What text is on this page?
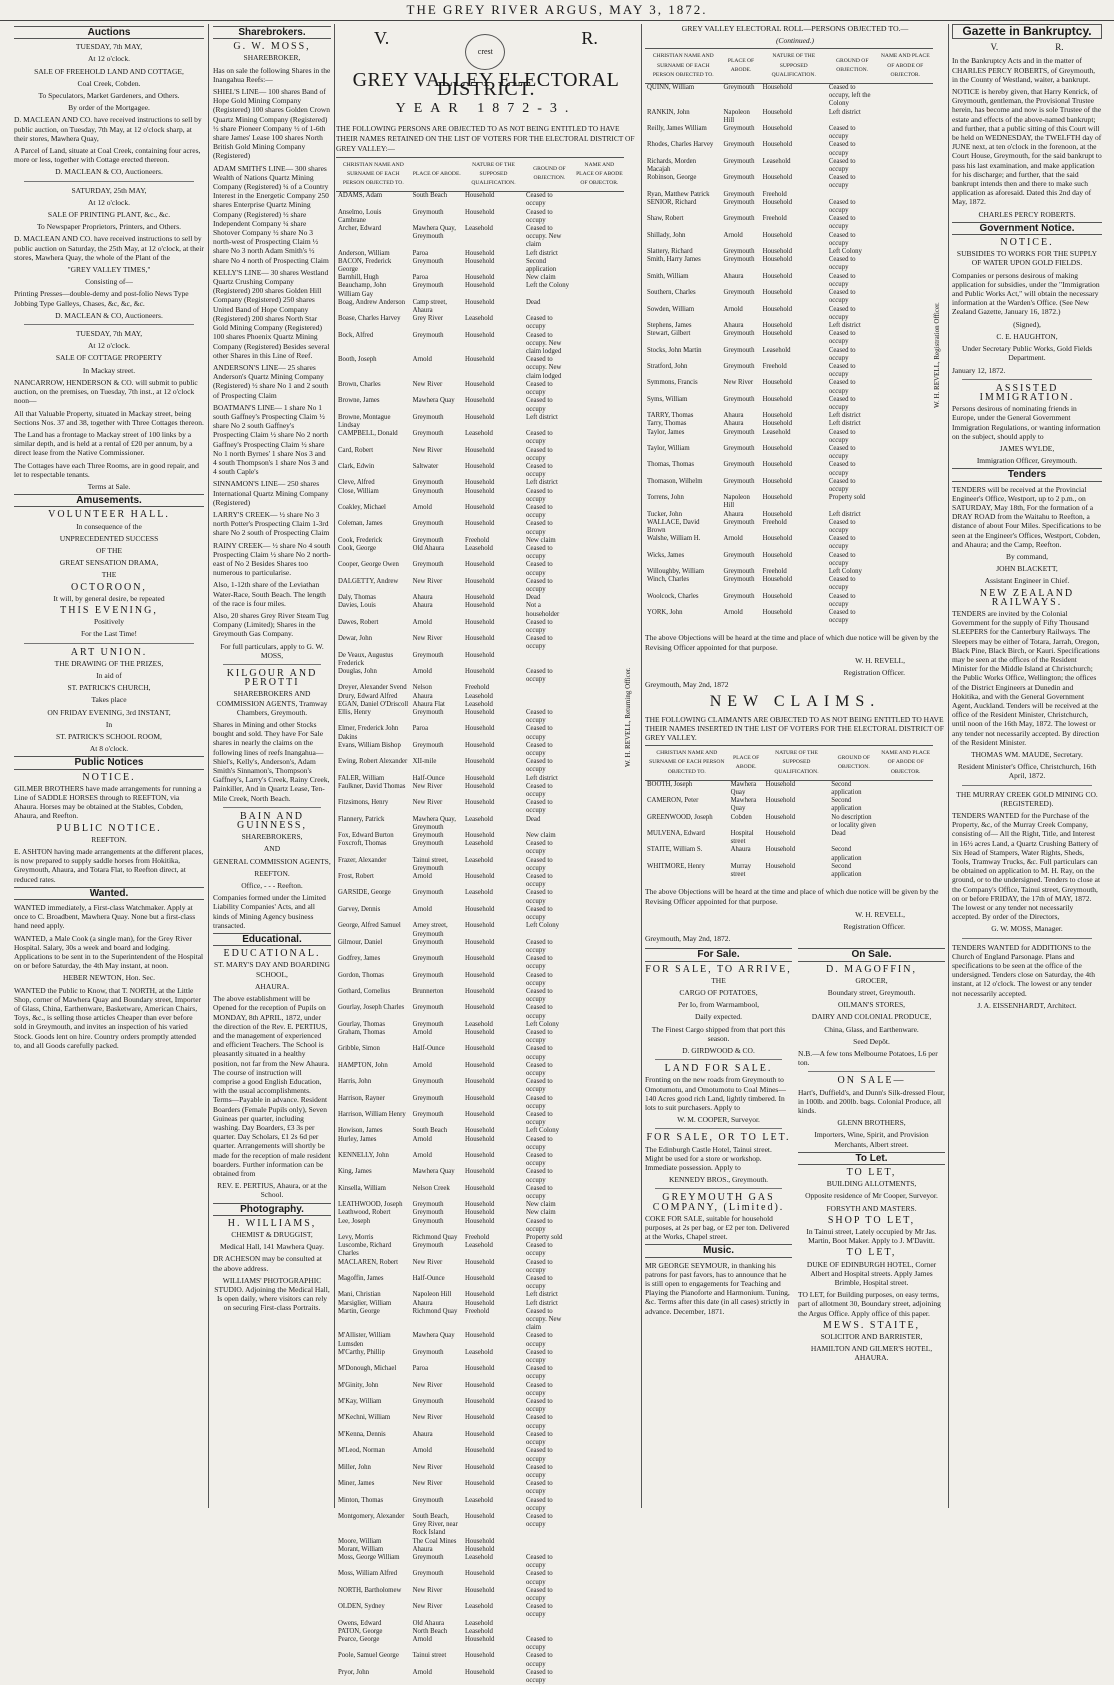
THE GREY RIVER ARGUS, MAY 3, 1872.
Auctions

TUESDAY, 7th MAY,

At 12 o'clock.

SALE OF FREEHOLD LAND AND COTTAGE,

Coal Creek, Cobden.

To Speculators, Market Gardeners, and Others.

By order of the Mortgagee.

D. MACLEAN AND CO. have received instructions to sell by public auction, on Tuesday, 7th May, at 12 o'clock sharp, at their stores, Mawhera Quay,

A Parcel of Land, situate at Coal Creek, containing four acres, more or less, together with Cottage erected thereon.

D. MACLEAN & CO, Auctioneers.

SATURDAY, 25th MAY,

At 12 o'clock.

SALE OF PRINTING PLANT, &c., &c.

To Newspaper Proprietors, Printers, and Others.

D. MACLEAN AND CO. have received instructions to sell by public auction on Saturday, the 25th May, at 12 o'clock, at their stores, Mawhera Quay, the whole of the Plant of the

"GREY VALLEY TIMES,"

Consisting of—

Printing Presses—double-demy and post-folio News Type Jobbing Type Galleys, Chases, &c, &c, &c.

D. MACLEAN & CO, Auctioneers.

TUESDAY, 7th MAY,

At 12 o'clock.

SALE OF COTTAGE PROPERTY

In Mackay street.

NANCARROW, HENDERSON & CO. will submit to public auction, on the premises, on Tuesday, 7th inst., at 12 o'clock noon—

All that Valuable Property, situated in Mackay street, being Sections Nos. 37 and 38, together with Three Cottages thereon.

The Land has a frontage to Mackay street of 100 links by a similar depth, and is held at a rental of £20 per annum, by a direct lease from the Native Commissioner.

The Cottages have each Three Rooms, are in good repair, and let to respectable tenants.

Terms at Sale.

Amusements.
VOLUNTEER HALL.

In consequence of the

UNPRECEDENTED SUCCESS

OF THE

GREAT SENSATION DRAMA,

THE

OCTOROON,

It will, by general desire, be repeated

THIS EVENING,

Positively

For the Last Time!

ART UNION.

THE DRAWING OF THE PRIZES,

In aid of

ST. PATRICK'S CHURCH,

Takes place

ON FRIDAY EVENING, 3rd INSTANT,

In

ST. PATRICK'S SCHOOL ROOM,

At 8 o'clock.

Public Notices
NOTICE.

GILMER BROTHERS have made arrangements for running a Line of SADDLE HORSES through to REEFTON, via Ahaura. Horses may be obtained at the Stables, Cobden, Ahaura, and Reefton.

PUBLIC NOTICE.

REEFTON.

E. ASHTON having made arrangements at the different places, is now prepared to supply saddle horses from Hokitika, Greymouth, Ahaura, and Totara Flat, to Reefton direct, at reduced rates.

Wanted.

WANTED immediately, a First-class Watchmaker. Apply at once to C. Broadbent, Mawhera Quay. None but a first-class hand need apply.

WANTED, a Male Cook (a single man), for the Grey River Hospital. Salary, 30s a week and board and lodging. Applications to be sent in to the Superintendent of the Hospital on or before Saturday, the 4th May instant, at noon.

HEBER NEWTON, Hon. Sec.

WANTED the Public to Know, that T. NORTH, at the Little Shop, corner of Mawhera Quay and Boundary street, Importer of Glass, China, Earthenware, Basketware, American Chairs, Toys, &c., is selling those articles Cheaper than ever before sold in Greymouth, and invites an inspection of his varied Stock. Goods lent on hire. Country orders promptly attended to, and all Goods carefully packed.

Sharebrokers.
G. W. MOSS,

SHAREBROKER,

Has on sale the following Shares in the Inangahua Reefs:—

SHIEL'S LINE— 100 shares Band of Hope Gold Mining Company (Registered) 100 shares Golden Crown Quartz Mining Company (Registered) ½ share Pioneer Company ½ of 1-6th share James' Lease 100 shares North British Gold Mining Company (Registered)

ADAM SMITH'S LINE— 300 shares Wealth of Nations Quartz Mining Company (Registered) ¼ of a Country Interest in the Energetic Company 250 shares Enterprise Quartz Mining Company (Registered) ½ share Independent Company ¼ share Shotover Company ½ share No 3 north-west of Prospecting Claim ½ share No 3 north Adam Smith's ½ share No 4 north of Prospecting Claim

KELLY'S LINE— 30 shares Westland Quartz Crushing Company (Registered) 200 shares Golden Hill Company (Registered) 250 shares United Band of Hope Company (Registered) 200 shares North Star Gold Mining Company (Registered) 100 shares Phoenix Quartz Mining Company (Registered) Besides several other Shares in this Line of Reef.

ANDERSON'S LINE— 25 shares Anderson's Quartz Mining Company (Registered) ½ share No 1 and 2 south of Prospecting Claim

BOATMAN'S LINE— 1 share No 1 south Gaffney's Prospecting Claim ½ share No 2 south Gaffney's Prospecting Claim ½ share No 2 north Gaffney's Prospecting Claim ½ share No 1 north Byrnes' 1 share Nos 3 and 4 south Thompson's 1 share Nos 3 and 4 south Caple's

SINNAMON'S LINE— 250 shares International Quartz Mining Company (Registered)

LARRY'S CREEK— ½ share No 3 north Potter's Prospecting Claim 1-3rd share No 2 south of Prospecting Claim

RAINY CREEK— ½ share No 4 south Prospecting Claim ½ share No 2 north-east of No 2 Besides Shares too numerous to particularise.

Also, 1-12th share of the Leviathan Water-Race, South Beach. The length of the race is four miles.

Also, 20 shares Grey River Steam Tug Company (Limited); Shares in the Greymouth Gas Company.

For full particulars, apply to G. W. MOSS,

KILGOUR AND PEROTTI

SHAREBROKERS AND COMMISSION AGENTS, Tramway Chambers, Greymouth.

Shares in Mining and other Stocks bought and sold. They have For Sale shares in nearly the claims on the following lines of reefs Inangahua— Shiel's, Kelly's, Anderson's, Adam Smith's Sinnamon's, Thompson's Gaffney's, Larry's Creek, Rainy Creek, Painkiller, And in Quartz Lease, Ten-Mile Creek, North Beach.

BAIN AND GUINNESS,

SHAREBROKERS,

AND

GENERAL COMMISSION AGENTS,

REEFTON.

Office, - - - Reefton.

Companies formed under the Limited Liability Companies' Acts, and all kinds of Mining Agency business transacted.

Educational.
EDUCATIONAL.

ST. MARY'S DAY AND BOARDING SCHOOL,

AHAURA.

The above establishment will be Opened for the reception of Pupils on MONDAY, 8th APRIL, 1872, under the direction of the Rev. E. PERTIUS, and the management of experienced and efficient Teachers. The School is pleasantly situated in a healthy position, not far from the New Ahaura. The course of instruction will comprise a good English Education, with the usual accomplishments. Terms—Payable in advance. Resident Boarders (Female Pupils only), Seven Guineas per quarter, including washing. Day Boarders, £3 3s per quarter. Day Scholars, £1 2s 6d per quarter. Arrangements will shortly be made for the reception of male resident boarders. Further information can be obtained from

REV. E. PERTIUS, Ahaura, or at the School.

Photography.
H. WILLIAMS,

CHEMIST & DRUGGIST,

Medical Hall, 141 Mawhera Quay.

DR ACHESON may be consulted at the above address.

WILLIAMS' PHOTOGRAPHIC STUDIO. Adjoining the Medical Hall, Is open daily, where visitors can rely on securing First-class Portraits.

V.
crest
R.
GREY VALLEY ELECTORAL DISTRICT.
YEAR 1872-3.

THE FOLLOWING PERSONS ARE OBJECTED TO AS NOT BEING ENTITLED TO HAVE THEIR NAMES RETAINED ON THE LIST OF VOTERS FOR THE ELECTORAL DISTRICT OF GREY VALLEY:—

W. H. REVELL, Returning Officer.
CHRISTIAN NAME AND SURNAME OF EACH PERSON OBJECTED TO.	PLACE OF ABODE.	NATURE OF THE SUPPOSED QUALIFICATION.	GROUND OF OBJECTION.	NAME AND PLACE OF ABODE OF OBJECTOR.
ADAMS, Adam	South Beach	Household	Ceased to occupy	
Anselmo, Louis Cambrane	Greymouth	Household	Ceased to occupy	
Archer, Edward	Mawhera Quay, Greymouth	Leasehold	Ceased to occupy. New claim	
Anderson, William	Paroa	Household	Left district	
BACON, Frederick George	Greymouth	Household	Second application	
Barnhill, Hugh	Paroa	Household	New claim	
Beauchamp, John William Gay	Greymouth	Household	Left the Colony	
Boag, Andrew Anderson	Camp street, Ahaura	Household	Dead	
Boase, Charles Harvey	Grey River	Leasehold	Ceased to occupy	
Bock, Alfred	Greymouth	Household	Ceased to occupy. New claim lodged	
Booth, Joseph	Arnold	Household	Ceased to occupy. New claim lodged	
Brown, Charles	New River	Household	Ceased to occupy	
Browne, James	Mawhera Quay	Household	Ceased to occupy	
Browne, Montague Lindsay	Greymouth	Household	Left district	
CAMPBELL, Donald	Greymouth	Leasehold	Ceased to occupy	
Card, Robert	New River	Household	Ceased to occupy	
Clark, Edwin	Saltwater	Household	Ceased to occupy	
Cleve, Alfred	Greymouth	Household	Left district	
Close, William	Greymouth	Household	Ceased to occupy	
Coakley, Michael	Arnold	Household	Ceased to occupy	
Coleman, James	Greymouth	Household	Ceased to occupy	
Cook, Frederick	Greymouth	Freehold	New claim	
Cook, George	Old Ahaura	Leasehold	Ceased to occupy	
Cooper, George Owen	Greymouth	Household	Ceased to occupy	
DALGETTY, Andrew	New River	Household	Ceased to occupy	
Daly, Thomas	Ahaura	Household	Dead	
Davies, Louis	Ahaura	Household	Not a householder	
Dawes, Robert	Arnold	Household	Ceased to occupy	
Dewar, John	New River	Household	Ceased to occupy	
De Veaux, Augustus Frederick	Greymouth	Household		
Douglas, John	Arnold	Household	Ceased to occupy	
Dreyer, Alexander Svend	Nelson	Freehold		
Drury, Edward Alfred	Ahaura	Leasehold		
EGAN, Daniel O'Driscoll	Ahaura Flat	Leasehold		
Ellis, Henry	Greymouth	Household	Ceased to occupy	
Elmer, Frederick John Dakins	Paroa	Household	Ceased to occupy	
Evans, William Bishop	Greymouth	Household	Ceased to occupy	
Ewing, Robert Alexander	XII-mile	Household	Ceased to occupy	
FALER, William	Half-Ounce	Household	Left district	
Faulkner, David Thomas	New River	Household	Ceased to occupy	
Fitzsimons, Henry	New River	Household	Ceased to occupy	
Flannery, Patrick	Mawhera Quay, Greymouth	Leasehold	Dead	
Fox, Edward Burton	Greymouth	Household	New claim	
Foxcroft, Thomas	Greymouth	Leasehold	Ceased to occupy	
Frazer, Alexander	Tainui street, Greymouth	Leasehold	Ceased to occupy	
Frost, Robert	Arnold	Household	Ceased to occupy	
GARSIDE, George	Greymouth	Leasehold	Ceased to occupy	
Garvey, Dennis	Arnold	Household	Ceased to occupy	
George, Alfred Samuel	Arney street, Greymouth	Household	Left Colony	
Gilmour, Daniel	Greymouth	Household	Ceased to occupy	
Godfrey, James	Greymouth	Household	Ceased to occupy	
Gordon, Thomas	Greymouth	Household	Ceased to occupy	
Gothard, Cornelius	Brunnerton	Household	Ceased to occupy	
Gourlay, Joseph Charles	Greymouth	Household	Ceased to occupy	
Gourlay, Thomas	Greymouth	Leasehold	Left Colony	
Graham, Thomas	Arnold	Household	Ceased to occupy	
Gribble, Simon	Half-Ounce	Household	Ceased to occupy	
HAMPTON, John	Arnold	Household	Ceased to occupy	
Harris, John	Greymouth	Household	Ceased to occupy	
Harrison, Rayner	Greymouth	Household	Ceased to occupy	
Harrison, William Henry	Greymouth	Household	Ceased to occupy	
Howison, James	South Beach	Household	Left Colony	
Hurley, James	Arnold	Household	Ceased to occupy	
KENNELLY, John	Arnold	Household	Ceased to occupy	
King, James	Mawhera Quay	Household	Ceased to occupy	
Kinsella, William	Nelson Creek	Household	Ceased to occupy	
LEATHWOOD, Joseph	Greymouth	Household	New claim	
Leathwood, Robert	Greymouth	Household	New claim	
Lee, Joseph	Greymouth	Household	Ceased to occupy	
Levy, Morris	Richmond Quay	Freehold	Property sold	
Luscombe, Richard Charles	Greymouth	Leasehold	Ceased to occupy	
MACLAREN, Robert	New River	Household	Ceased to occupy	
Magoffin, James	Half-Ounce	Household	Ceased to occupy	
Mani, Christian	Napoleon Hill	Household	Left district	
Marsiglier, William	Ahaura	Household	Left district	
Martin, George	Richmond Quay	Freehold	Ceased to occupy. New claim	
M'Allister, William Lumsden	Mawhera Quay	Household	Ceased to occupy	
M'Carthy, Phillip	Greymouth	Leasehold	Ceased to occupy	
M'Donough, Michael	Paroa	Household	Ceased to occupy	
M'Ginity, John	New River	Household	Ceased to occupy	
M'Kay, William	Greymouth	Household	Ceased to occupy	
M'Kechni, William	New River	Household	Ceased to occupy	
M'Kenna, Dennis	Ahaura	Household	Ceased to occupy	
M'Leod, Norman	Arnold	Household	Ceased to occupy	
Miller, John	New River	Household	Ceased to occupy	
Miner, James	New River	Household	Ceased to occupy	
Minton, Thomas	Greymouth	Leasehold	Ceased to occupy	
Montgomery, Alexander	South Beach, Grey River, near Rock Island	Household	Ceased to occupy	
Moore, William	The Coal Mines	Household		
Morant, William	Ahaura	Household		
Moss, George William	Greymouth	Leasehold	Ceased to occupy	
Moss, William Alfred	Greymouth	Household	Ceased to occupy	
NORTH, Bartholomew	New River	Household	Ceased to occupy	
OLDEN, Sydney	New River	Leasehold	Ceased to occupy	
Owens, Edward	Old Ahaura	Leasehold		
PATON, George	North Beach	Leasehold		
Pearce, George	Arnold	Household	Ceased to occupy	
Poole, Samuel George	Tainui street	Household	Ceased to occupy	
Pryor, John	Arnold	Household	Ceased to occupy	

GREY VALLEY ELECTORAL ROLL—PERSONS OBJECTED TO.—

(Continued.)

W. H. REVELL, Registration Officer.
CHRISTIAN NAME AND SURNAME OF EACH PERSON OBJECTED TO.	PLACE OF ABODE.	NATURE OF THE SUPPOSED QUALIFICATION.	GROUND OF OBJECTION.	NAME AND PLACE OF ABODE OF OBJECTOR.
QUINN, William	Greymouth	Household	Ceased to occupy, left the Colony	
RANKIN, John	Napoleon Hill	Household	Left district	
Reilly, James William	Greymouth	Household	Ceased to occupy	
Rhodes, Charles Harvey	Greymouth	Household	Ceased to occupy	
Richards, Morden Macajah	Greymouth	Leasehold	Ceased to occupy	
Robinson, George	Greymouth	Household	Ceased to occupy	
Ryan, Matthew Patrick	Greymouth	Freehold		
SENIOR, Richard	Greymouth	Household	Ceased to occupy	
Shaw, Robert	Greymouth	Freehold	Ceased to occupy	
Shillady, John	Arnold	Household	Ceased to occupy	
Slattery, Richard	Greymouth	Household	Left Colony	
Smith, Harry James	Greymouth	Household	Ceased to occupy	
Smith, William	Ahaura	Household	Ceased to occupy	
Southern, Charles	Greymouth	Household	Ceased to occupy	
Sowden, William	Arnold	Household	Ceased to occupy	
Stephens, James	Ahaura	Household	Left district	
Stewart, Gilbert	Greymouth	Household	Ceased to occupy	
Stocks, John Martin	Greymouth	Leasehold	Ceased to occupy	
Stratford, John	Greymouth	Freehold	Ceased to occupy	
Symmons, Francis	New River	Household	Ceased to occupy	
Syms, William	Greymouth	Household	Ceased to occupy	
TARRY, Thomas	Ahaura	Household	Left district	
Tarry, Thomas	Ahaura	Household	Left district	
Taylor, James	Greymouth	Leasehold	Ceased to occupy	
Taylor, William	Greymouth	Household	Ceased to occupy	
Thomas, Thomas	Greymouth	Household	Ceased to occupy	
Thomason, Wilhelm	Greymouth	Household	Ceased to occupy	
Torrens, John	Napoleon Hill	Household	Property sold	
Tucker, John	Ahaura	Household	Left district	
WALLACE, David Brown	Greymouth	Freehold	Ceased to occupy	
Walshe, William H.	Arnold	Household	Ceased to occupy	
Wicks, James	Greymouth	Household	Ceased to occupy	
Willoughby, William	Greymouth	Freehold	Left Colony	
Winch, Charles	Greymouth	Household	Ceased to occupy	
Woolcock, Charles	Greymouth	Household	Ceased to occupy	
YORK, John	Arnold	Household	Ceased to occupy	

The above Objections will be heard at the time and place of which due notice will be given by the Revising Officer appointed for that purpose.

W. H. REVELL,

Registration Officer.

Greymouth, May 2nd, 1872

NEW CLAIMS.

THE FOLLOWING CLAIMANTS ARE OBJECTED TO AS NOT BEING ENTITLED TO HAVE THEIR NAMES INSERTED IN THE LIST OF VOTERS FOR THE ELECTORAL DISTRICT OF GREY VALLEY.

CHRISTIAN NAME AND SURNAME OF EACH PERSON OBJECTED TO.	PLACE OF ABODE.	NATURE OF THE SUPPOSED QUALIFICATION.	GROUND OF OBJECTION.	NAME AND PLACE OF ABODE OF OBJECTOR.
BOOTH, Joseph	Mawhera Quay	Household	Second application	
CAMERON, Peter	Mawhera Quay	Household	Second application	
GREENWOOD, Joseph	Cobden	Household	No description or locality given	
MULVENA, Edward	Hospital street	Household	Dead	
STAITE, William S.	Ahaura	Household	Second application	
WHITMORE, Henry	Murray street	Household	Second application	

The above Objections will be heard at the time and place of which due notice will be given by the Revising Officer appointed for that purpose.

W. H. REVELL,

Registration Officer.

Greymouth, May 2nd, 1872.

For Sale.
FOR SALE, TO ARRIVE,

THE

CARGO OF POTATOES,

Per Io, from Warrnambool,

Daily expected.

The Finest Cargo shipped from that port this season.

D. GIRDWOOD & CO.

LAND FOR SALE.

Fronting on the new roads from Greymouth to Omotumotu, and Omotumotu to Coal Mines—140 Acres good rich Land, lightly timbered. In lots to suit purchasers. Apply to

W. M. COOPER, Surveyor.

FOR SALE, OR TO LET.

The Edinburgh Castle Hotel, Tainui street. Might be used for a store or workshop. Immediate possession. Apply to

KENNEDY BROS., Greymouth.

GREYMOUTH GAS COMPANY, (Limited).

COKE FOR SALE, suitable for household purposes, at 2s per bag, or £2 per ton. Delivered at the Works, Chapel street.

Music.

MR GEORGE SEYMOUR, in thanking his patrons for past favors, has to announce that he is still open to engagements for Teaching and Playing the Pianoforte and Harmonium. Tuning, &c. Terms after this date (in all cases) strictly in advance. December, 1871.

On Sale.
D. MAGOFFIN,

GROCER,

Boundary street, Greymouth.

OILMAN'S STORES,

DAIRY AND COLONIAL PRODUCE,

China, Glass, and Earthenware.

Seed Depôt.

N.B.—A few tons Melbourne Potatoes, L6 per ton.

ON SALE—

Hart's, Duffield's, and Dunn's Silk-dressed Flour, in 100lb. and 200lb. bags. Colonial Produce, all kinds.

GLENN BROTHERS,

Importers, Wine, Spirit, and Provision Merchants, Albert street.

To Let.
TO LET,

BUILDING ALLOTMENTS,

Opposite residence of Mr Cooper, Surveyor.

FORSYTH AND MASTERS.

SHOP TO LET,

In Tainui street, Lately occupied by Mr Jas. Martin, Boot Maker. Apply to J. M'Davitt.

TO LET,

DUKE OF EDINBURGH HOTEL, Corner Albert and Hospital streets. Apply James Brimble, Hospital street.

TO LET, for Building purposes, on easy terms, part of allotment 30, Boundary street, adjoining the Argus Office. Apply office of this paper.

MEWS. STAITE,

SOLICITOR AND BARRISTER,

HAMILTON AND GILMER'S HOTEL, AHAURA.

Gazette in Bankruptcy.
V.	R.

In the Bankruptcy Acts and in the matter of CHARLES PERCY ROBERTS, of Greymouth, in the County of Westland, waiter, a bankrupt.

NOTICE is hereby given, that Harry Kenrick, of Greymouth, gentleman, the Provisional Trustee herein, has become and now is sole Trustee of the estate and effects of the above-named bankrupt; and further, that a public sitting of this Court will be held on WEDNESDAY, the TWELFTH day of JUNE next, at ten o'clock in the forenoon, at the Court House, Greymouth, for the said bankrupt to pass his last examination, and make application for his discharge; and further, that the said bankrupt intends then and there to make such application as aforesaid. Dated this 2nd day of May, 1872.

CHARLES PERCY ROBERTS.

Government Notice.
NOTICE.

SUBSIDIES TO WORKS FOR THE SUPPLY OF WATER UPON GOLD FIELDS.

Companies or persons desirous of making application for subsidies, under the "Immigration and Public Works Act," will obtain the necessary information at the Warden's Office. (See New Zealand Gazette, January 16, 1872.)

(Signed),

C. E. HAUGHTON,

Under Secretary Public Works, Gold Fields Department.

January 12, 1872.

ASSISTED IMMIGRATION.

Persons desirous of nominating friends in Europe, under the General Government Immigration Regulations, or wanting information on the subject, should apply to

JAMES WYLDE,

Immigration Officer, Greymouth.

Tenders

TENDERS will be received at the Provincial Engineer's Office, Westport, up to 2 p.m., on SATURDAY, May 18th, For the formation of a DRAY ROAD from the Waitahu to Reefton, a distance of about Four Miles. Specifications to be seen at the Engineer's Offices, Westport, Cobden, and Ahaura; and the Camp, Reefton.

By command,

JOHN BLACKETT,

Assistant Engineer in Chief.

NEW ZEALAND RAILWAYS.

TENDERS are invited by the Colonial Government for the supply of Fifty Thousand SLEEPERS for the Canterbury Railways. The Sleepers may be either of Totara, Jarrah, Oregon, Black Pine, Black Birch, or Kauri. Specifications may be seen at the offices of the Resident Minister for the Middle Island at Christchurch; the Public Works Office, Wellington; the offices of the District Engineers at Dunedin and Hokitika, and with the General Government Agent, Auckland. Tenders will be received at the office of the Resident Minister, Christchurch, until noon of the 16th May, 1872. The lowest or any tender not necessarily accepted. By direction of the Resident Minister.

THOMAS WM. MAUDE, Secretary.

Resident Minister's Office, Christchurch, 16th April, 1872.

THE MURRAY CREEK GOLD MINING CO. (REGISTERED).

TENDERS WANTED for the Purchase of the Property, &c, of the Murray Creek Company, consisting of— All the Right, Title, and Interest in 16½ acres Land, a Quartz Crushing Battery of Six Head of Stampers, Water Rights, Sheds, Tools, Tramway Trucks, &c. Full particulars can be obtained on application to M. H. Ray, on the ground, or to the undersigned. Tenders to close at the Company's Office, Tainui street, Greymouth, on or before FRIDAY, the 17th of MAY, 1872. The lowest or any tender not necessarily accepted. By order of the Directors,

G. W. MOSS, Manager.

TENDERS WANTED for ADDITIONS to the Church of England Parsonage. Plans and specifications to be seen at the office of the undersigned. Tenders close on Saturday, the 4th instant, at 12 o'clock. The lowest or any tender not necessarily accepted.

J. A. EISSENHARDT, Architect.
